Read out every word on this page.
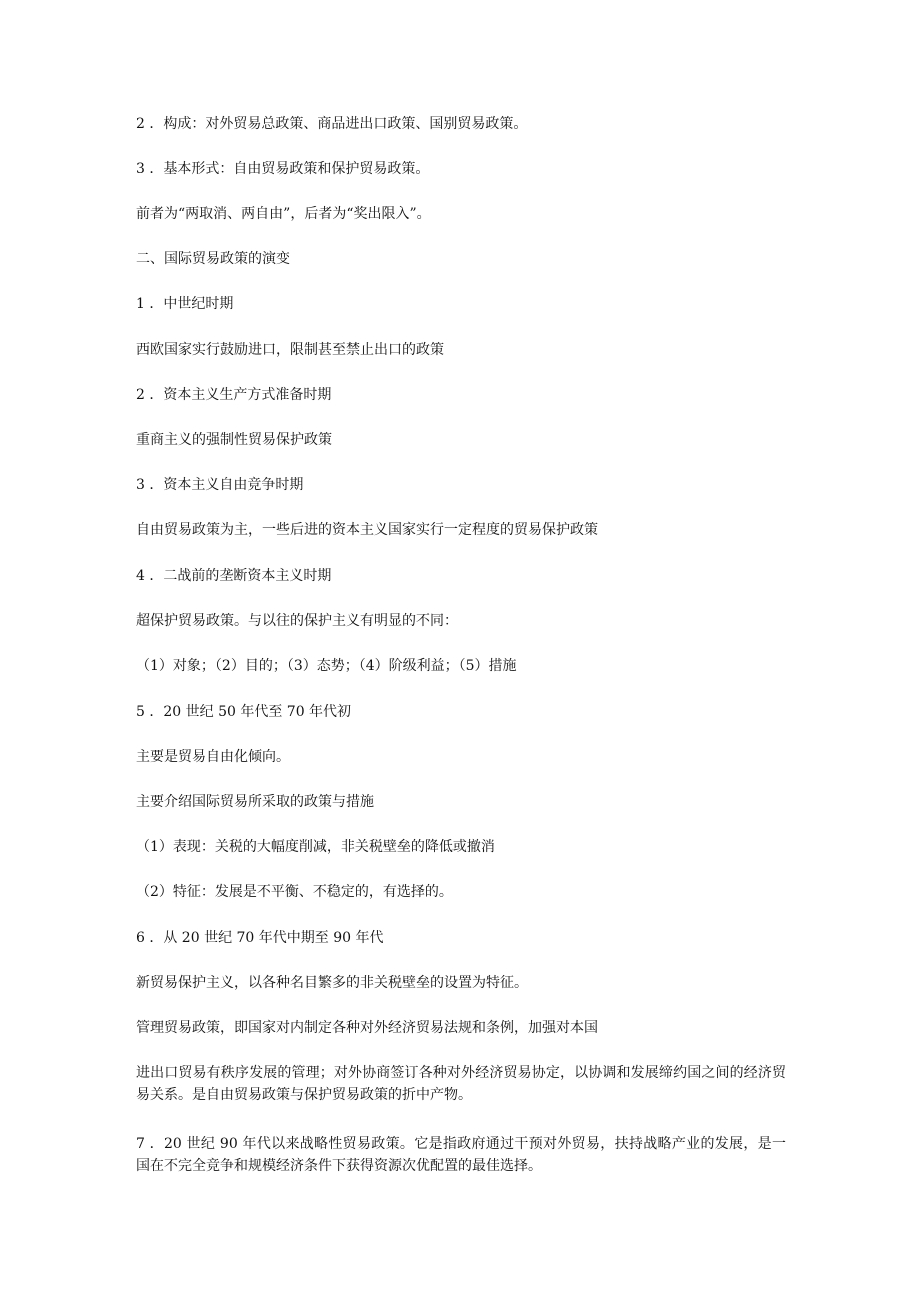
2 ．构成：对外贸易总政策、商品进出口政策、国别贸易政策。
3 ．基本形式：自由贸易政策和保护贸易政策。
前者为“两取消、两自由”，后者为“奖出限入”。
二、国际贸易政策的演变
1 ．中世纪时期
西欧国家实行鼓励进口，限制甚至禁止出口的政策
2 ．资本主义生产方式准备时期
重商主义的强制性贸易保护政策
3 ．资本主义自由竞争时期
自由贸易政策为主，一些后进的资本主义国家实行一定程度的贸易保护政策
4 ．二战前的垄断资本主义时期
超保护贸易政策。与以往的保护主义有明显的不同：
（1）对象；（2）目的；（3）态势；（4）阶级利益；（5）措施
5 ．20 世纪 50 年代至 70 年代初
主要是贸易自由化倾向。
主要介绍国际贸易所采取的政策与措施
（1）表现：关税的大幅度削减，非关税壁垒的降低或撤消
（2）特征：发展是不平衡、不稳定的，有选择的。
6 ．从 20 世纪 70 年代中期至 90 年代
新贸易保护主义，以各种名目繁多的非关税壁垒的设置为特征。
管理贸易政策，即国家对内制定各种对外经济贸易法规和条例，加强对本国
进出口贸易有秩序发展的管理；对外协商签订各种对外经济贸易协定，以协调和发展缔约国之间的经济贸易关系。是自由贸易政策与保护贸易政策的折中产物。
7 ．20 世纪 90 年代以来战略性贸易政策。它是指政府通过干预对外贸易，扶持战略产业的发展，是一国在不完全竞争和规模经济条件下获得资源次优配置的最佳选择。
